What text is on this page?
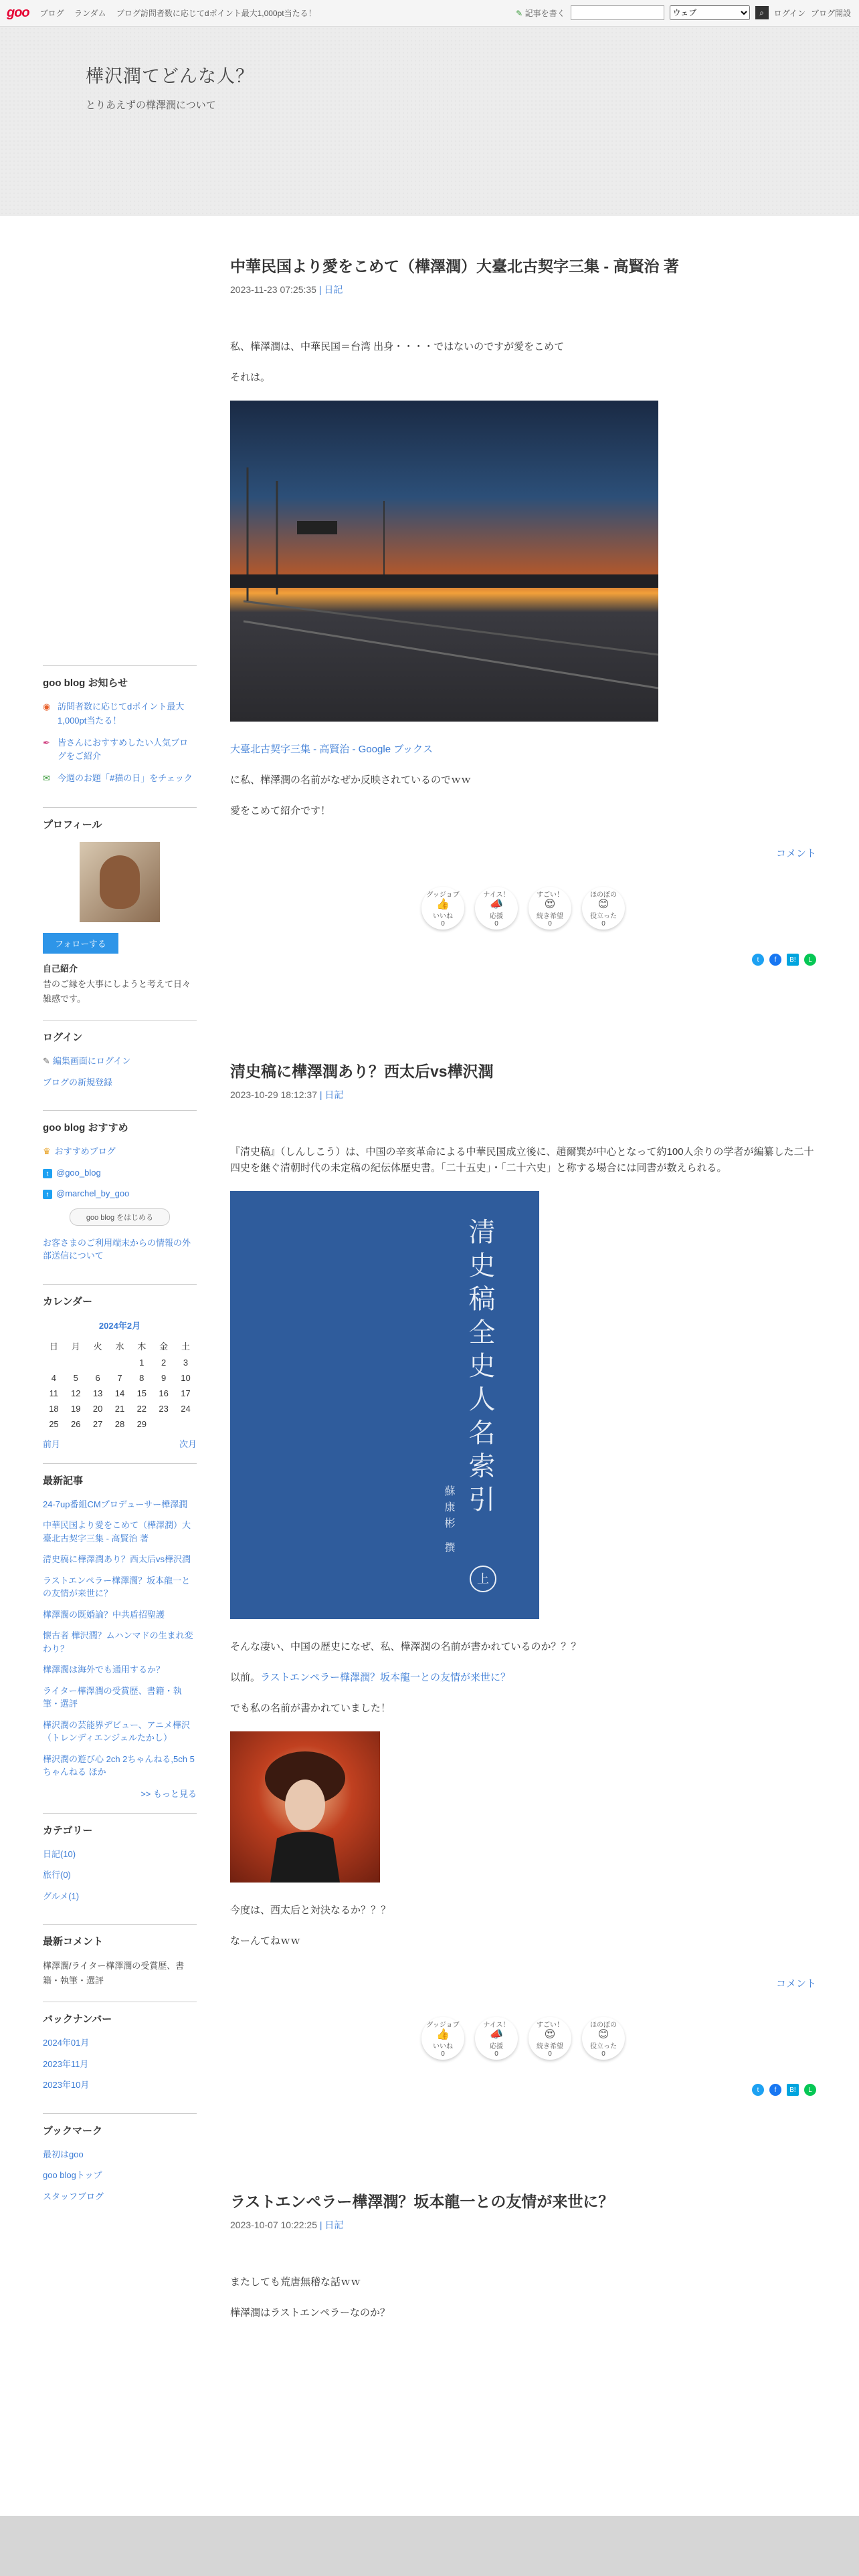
goo ブログ ランダム ブログ訪問者数に応じてdポイント最大1,000pt当たる！	✎ 記事を書く
ウェブ	⌕	ログイン ブログ開設
樺沢潤てどんな人？
とりあえずの樺澤潤について
中華民国より愛をこめて（樺澤潤）大臺北古契字三集 - 高賢治 著
2023-11-23 07:25:35 | 日記

私、樺澤潤は、中華民国＝台湾 出身・・・・ではないのですが愛をこめて

それは。

大臺北古契字三集 - 高賢治 - Google ブックス

に私、樺澤潤の名前がなぜか反映されているのでｗｗ

愛をこめて紹介です！

コメント
グッジョブ
👍
いいね
0
ナイス！
📣
応援
0
すごい！
😍
続き希望
0
ほのぼの
😊
役立った
0
t	f	B!	L
清史稿に樺澤潤あり？西太后vs樺沢潤
2023-10-29 18:12:37 | 日記

『清史稿』（しんしこう）は、中国の辛亥革命による中華民国成立後に、趙爾巽が中心となって約100人余りの学者が編纂した二十四史を継ぐ清朝时代の未定稿の紀伝体歴史書。「二十五史」・「二十六史」と称する場合には同書が数えられる。

清史稿全史人名索引
蘇康彬 撰
上

そんな凄い、中国の歴史になぜ、私、樺澤潤の名前が書かれているのか？？？

以前。ラストエンペラー樺澤潤？坂本龍一との友情が来世に？

でも私の名前が書かれていました！

今度は、西太后と対決なるか？？？

なーんてねｗｗ

コメント
グッジョブ
👍
いいね
0
ナイス！
📣
応援
0
すごい！
😍
続き希望
0
ほのぼの
😊
役立った
0
t	f	B!	L
ラストエンペラー樺澤潤？坂本龍一との友情が来世に？
2023-10-07 10:22:25 | 日記

またしても荒唐無稽な話ｗｗ

樺澤潤はラストエンペラーなのか？

goo blog お知らせ
◉ 訪問者数に応じてdポイント最大1,000pt当たる！
✒ 皆さんにおすすめしたい人気ブログをご紹介
✉ 今週のお題「#猫の日」をチェック
プロフィール
フォローする
自己紹介
昔のご縁を大事にしようと考えて日々雑感です。
ログイン
✎ 編集画面にログイン
ブログの新規登録
goo blog おすすめ
♛ おすすめブログ
t @goo_blog
t @marchel_by_goo
goo blog をはじめる
お客さまのご利用端末からの情報の外部送信について
カレンダー
2024年2月
日	月	火	水	木	金	土
				1	2	3
4	5	6	7	8	9	10
11	12	13	14	15	16	17
18	19	20	21	22	23	24
25	26	27	28	29		
前月	次月
最新記事
24-7up番組CMプロデューサー樺澤潤
中華民国より愛をこめて（樺澤潤）大臺北古契字三集 - 高賢治 著
清史稿に樺澤潤あり？西太后vs樺沢潤
ラストエンペラー樺澤潤？坂本龍一との友情が来世に？
樺澤潤の既婚論？中共盾招聖護
懐古者 樺沢潤？ムハンマドの生まれ変わり？
樺澤潤は海外でも通用するか？
ライター樺澤潤の受賞歴、書籍・執筆・選評
樺沢潤の芸能界デビュー、アニメ樺沢（トレンディエンジェルたかし）
樺沢潤の遊び心 2ch 2ちゃんねる,5ch 5ちゃんねる ほか
>> もっと見る
カテゴリー
日記(10)
旅行(0)
グルメ(1)
最新コメント
樺澤潤/ライター樺澤潤の受賞歴、書籍・執筆・選評
バックナンバー
2024年01月
2023年11月
2023年10月
ブックマーク
最初はgoo
goo blogトップ
スタッフブログ
